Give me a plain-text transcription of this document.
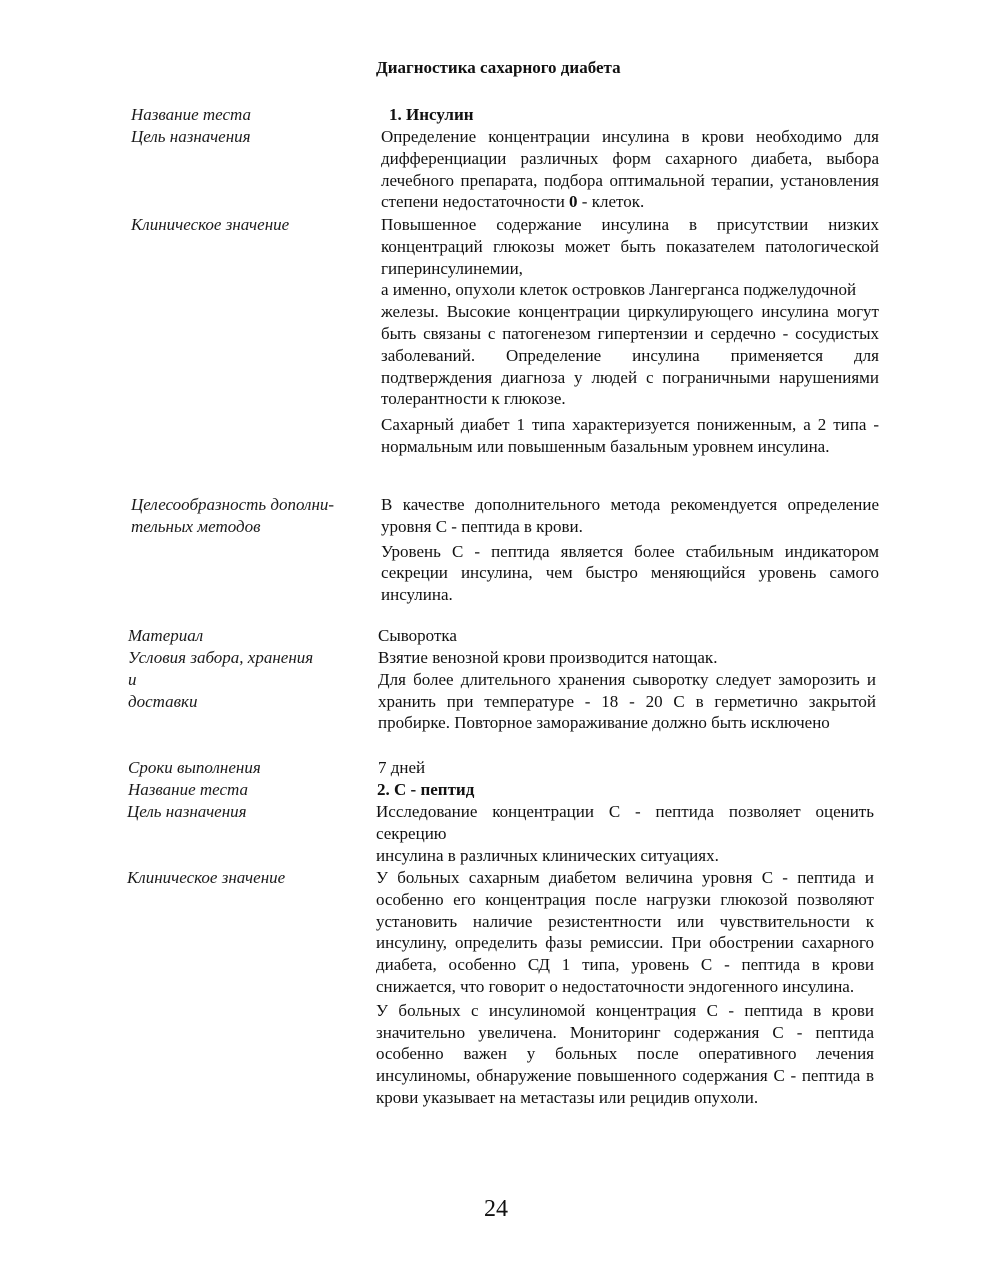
Диагностика сахарного диабета
Название теста
Цель назначения
Клиническое значение
Целесообразность дополни-
тельных методов
Материал
Условия забора, хранения
и
доставки
Сроки выполнения
Название теста
Цель назначения
Клиническое значение
1. Инсулин

Определение концентрации инсулина в крови необходимо для дифференциации различных форм сахарного диабета, выбора лечебного препарата, подбора оптимальной терапии, установления степени недостаточности 0 - клеток.

Повышенное содержание инсулина в присутствии низких концентраций глюкозы может быть показателем патологической гиперинсулинемии,

а именно, опухоли клеток островков Лангерганса поджелудочной

железы. Высокие концентрации циркулирующего инсулина могут быть связаны с патогенезом гипертензии и сердечно - сосудистых заболеваний. Определение инсулина применяется для подтверждения диагноза у людей с пограничными нарушениями толерантности к глюкозе.

Сахарный диабет 1 типа характеризуется пониженным, а 2 типа - нормальным или повышенным базальным уровнем инсулина.

В качестве дополнительного метода рекомендуется определение уровня С - пептида в крови.

Уровень С - пептида является более стабильным индикатором секреции инсулина, чем быстро меняющийся уровень самого инсулина.

Сыворотка

Взятие венозной крови производится натощак.

Для более длительного хранения сыворотку следует заморозить и хранить при температуре - 18 - 20 С в герметично закрытой пробирке. Повторное замораживание должно быть исключено

7 дней
2. С - пептид

Исследование концентрации С - пептида позволяет оценить секрецию

инсулина в различных клинических ситуациях.

У больных сахарным диабетом величина уровня С - пептида и особенно его концентрация после нагрузки глюкозой позволяют установить наличие резистентности или чувствительности к инсулину, определить фазы ремиссии. При обострении сахарного диабета, особенно СД 1 типа, уровень С - пептида в крови снижается, что говорит о недостаточности эндогенного инсулина.

У больных с инсулиномой концентрация С - пептида в крови значительно увеличена. Мониторинг содержания С - пептида особенно важен у больных после оперативного лечения инсулиномы, обнаружение повышенного содержания С - пептида в крови указывает на метастазы или рецидив опухоли.

24
